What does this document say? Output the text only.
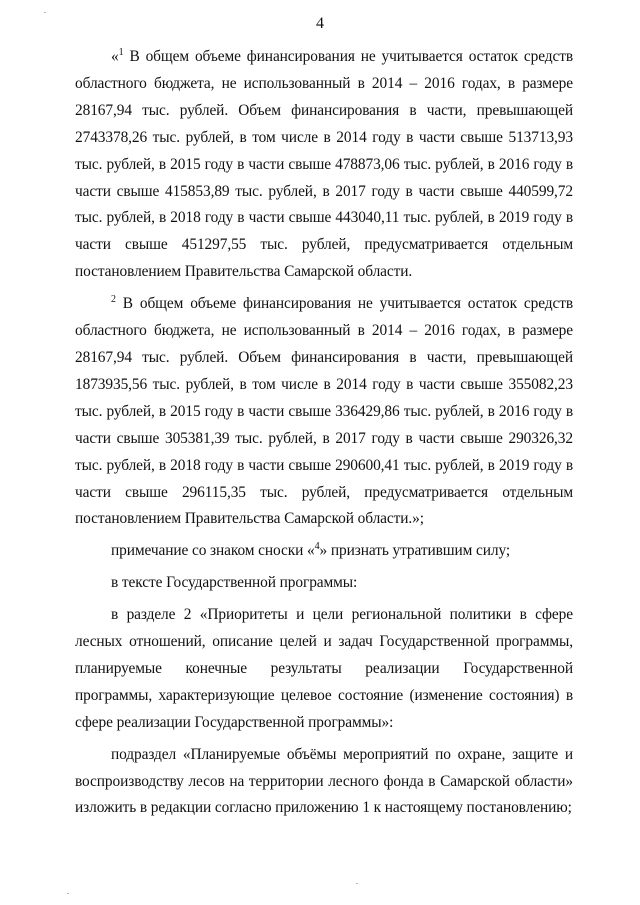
4

«$^1$ В общем объеме финансирования не учитывается остаток средств областного бюджета, не использованный в 2014 – 2016 годах, в размере 28167,94 тыс. рублей. Объем финансирования в части, превышающей 2743378,26 тыс. рублей, в том числе в 2014 году в части свыше 513713,93 тыс. рублей, в 2015 году в части свыше 478873,06 тыс. рублей, в 2016 году в части свыше 415853,89 тыс. рублей, в 2017 году в части свыше 440599,72 тыс. рублей, в 2018 году в части свыше 443040,11 тыс. рублей, в 2019 году в части свыше 451297,55 тыс. рублей, предусматривается отдельным постановлением Правительства Самарской области.

$^2$ В общем объеме финансирования не учитывается остаток средств областного бюджета, не использованный в 2014 – 2016 годах, в размере 28167,94 тыс. рублей. Объем финансирования в части, превышающей 1873935,56 тыс. рублей, в том числе в 2014 году в части свыше 355082,23 тыс. рублей, в 2015 году в части свыше 336429,86 тыс. рублей, в 2016 году в части свыше 305381,39 тыс. рублей, в 2017 году в части свыше 290326,32 тыс. рублей, в 2018 году в части свыше 290600,41 тыс. рублей, в 2019 году в части свыше 296115,35 тыс. рублей, предусматривается отдельным постановлением Правительства Самарской области.»;

примечание со знаком сноски «$^4$» признать утратившим силу;

в тексте Государственной программы:

в разделе 2 «Приоритеты и цели региональной политики в сфере лесных отношений, описание целей и задач Государственной программы, планируемые конечные результаты реализации Государственной программы, характеризующие целевое состояние (изменение состояния) в сфере реализации Государственной программы»:

подраздел «Планируемые объёмы мероприятий по охране, защите и воспроизводству лесов на территории лесного фонда в Самарской области» изложить в редакции согласно приложению 1 к настоящему постановлению;
